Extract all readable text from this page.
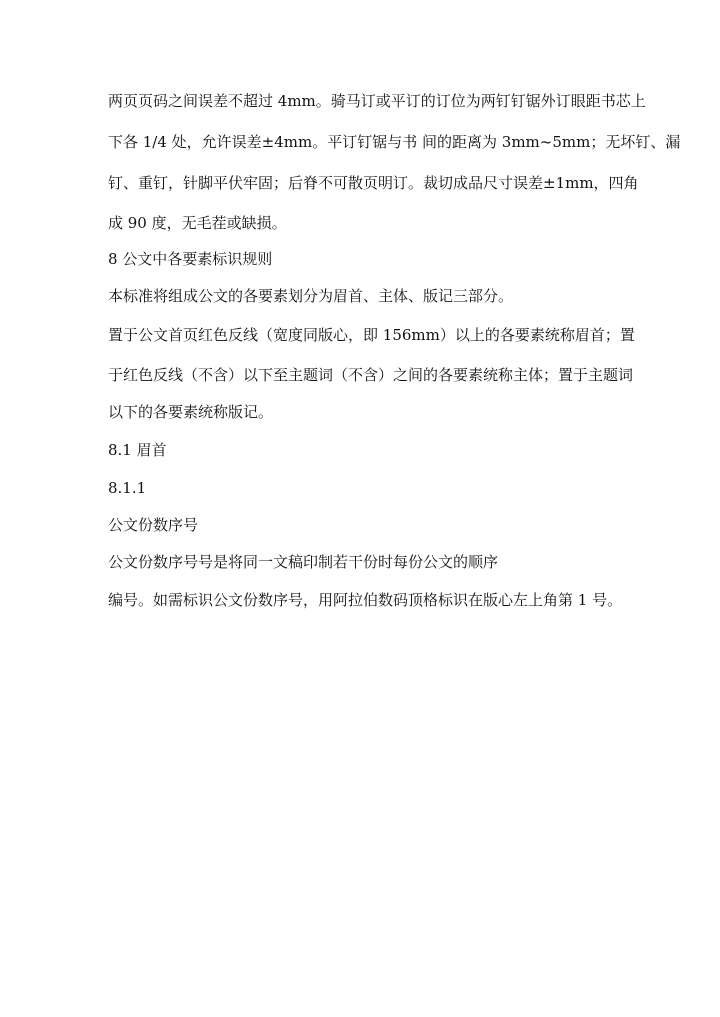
两页页码之间误差不超过 4mm。骑马订或平订的订位为两钉钉锯外订眼距书芯上
下各 1/4 处，允许误差±4mm。平订钉锯与书 间的距离为 3mm~5mm；无坏钉、漏
钉、重钉，针脚平伏牢固；后脊不可散页明订。裁切成品尺寸误差±1mm，四角
成 90 度，无毛茬或缺损。
8 公文中各要素标识规则
本标准将组成公文的各要素划分为眉首、主体、版记三部分。
置于公文首页红色反线（宽度同版心，即 156mm）以上的各要素统称眉首；置
于红色反线（不含）以下至主题词（不含）之间的各要素统称主体；置于主题词
以下的各要素统称版记。
8.1 眉首
8.1.1
公文份数序号
公文份数序号号是将同一文稿印制若干份时每份公文的顺序
编号。如需标识公文份数序号，用阿拉伯数码顶格标识在版心左上角第 1 号。
